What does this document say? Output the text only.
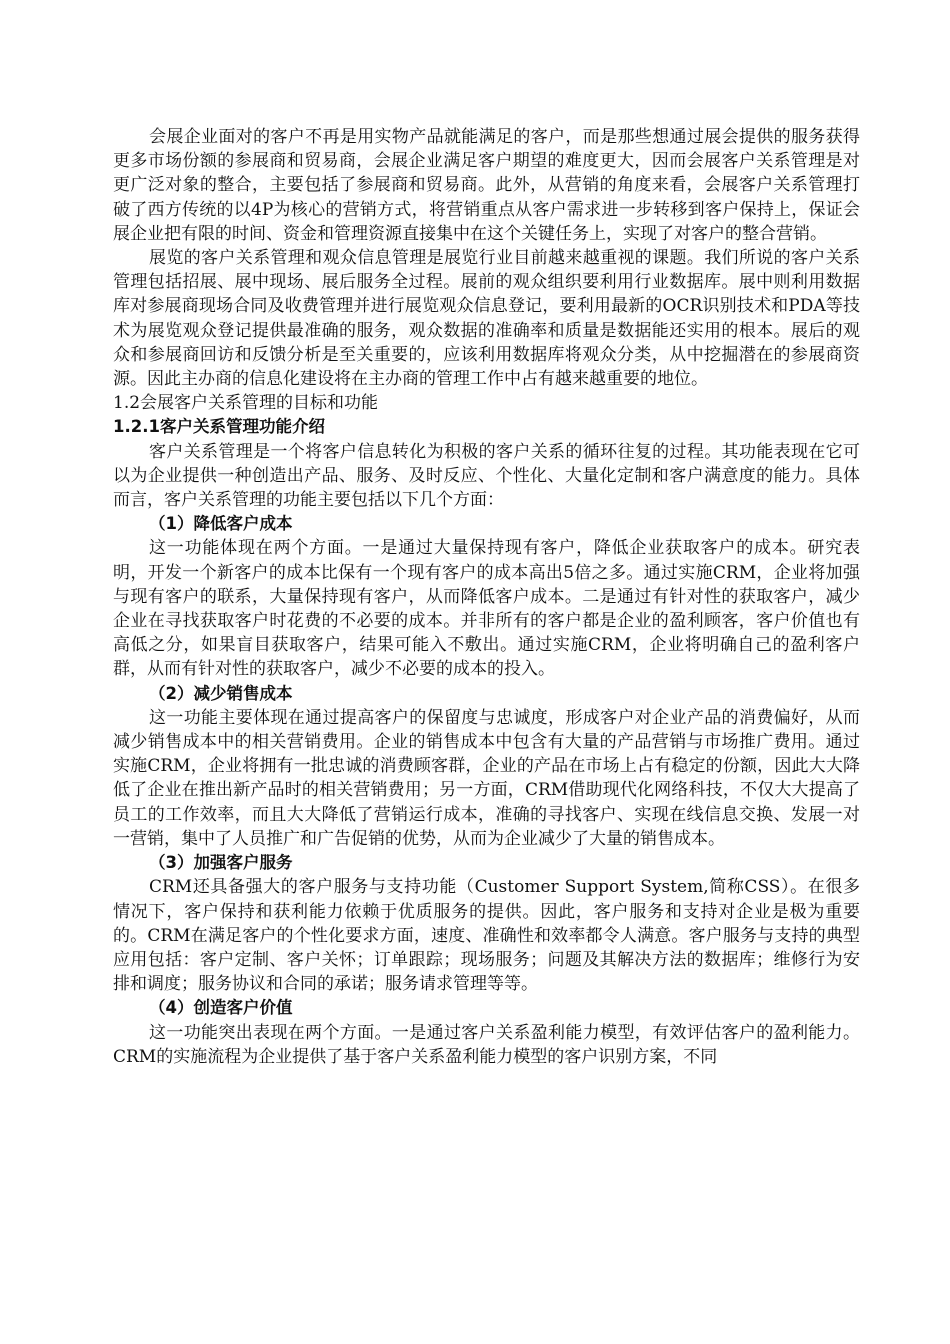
会展企业面对的客户不再是用实物产品就能满足的客户，而是那些想通过展会提供的服务获得更多市场份额的参展商和贸易商，会展企业满足客户期望的难度更大，因而会展客户关系管理是对更广泛对象的整合，主要包括了参展商和贸易商。此外，从营销的角度来看，会展客户关系管理打破了西方传统的以4P为核心的营销方式，将营销重点从客户需求进一步转移到客户保持上，保证会展企业把有限的时间、资金和管理资源直接集中在这个关键任务上，实现了对客户的整合营销。

展览的客户关系管理和观众信息管理是展览行业目前越来越重视的课题。我们所说的客户关系管理包括招展、展中现场、展后服务全过程。展前的观众组织要利用行业数据库。展中则利用数据库对参展商现场合同及收费管理并进行展览观众信息登记，要利用最新的OCR识别技术和PDA等技术为展览观众登记提供最准确的服务，观众数据的准确率和质量是数据能还实用的根本。展后的观众和参展商回访和反馈分析是至关重要的，应该利用数据库将观众分类，从中挖掘潜在的参展商资源。因此主办商的信息化建设将在主办商的管理工作中占有越来越重要的地位。

1.2会展客户关系管理的目标和功能

1.2.1客户关系管理功能介绍

客户关系管理是一个将客户信息转化为积极的客户关系的循环往复的过程。其功能表现在它可以为企业提供一种创造出产品、服务、及时反应、个性化、大量化定制和客户满意度的能力。具体而言，客户关系管理的功能主要包括以下几个方面：

（1）降低客户成本

这一功能体现在两个方面。一是通过大量保持现有客户，降低企业获取客户的成本。研究表明，开发一个新客户的成本比保有一个现有客户的成本高出5倍之多。通过实施CRM，企业将加强与现有客户的联系，大量保持现有客户，从而降低客户成本。二是通过有针对性的获取客户，减少企业在寻找获取客户时花费的不必要的成本。并非所有的客户都是企业的盈利顾客，客户价值也有高低之分，如果盲目获取客户，结果可能入不敷出。通过实施CRM，企业将明确自己的盈利客户群，从而有针对性的获取客户，减少不必要的成本的投入。

（2）减少销售成本

这一功能主要体现在通过提高客户的保留度与忠诚度，形成客户对企业产品的消费偏好，从而减少销售成本中的相关营销费用。企业的销售成本中包含有大量的产品营销与市场推广费用。通过实施CRM，企业将拥有一批忠诚的消费顾客群，企业的产品在市场上占有稳定的份额，因此大大降低了企业在推出新产品时的相关营销费用；另一方面，CRM借助现代化网络科技，不仅大大提高了员工的工作效率，而且大大降低了营销运行成本，准确的寻找客户、实现在线信息交换、发展一对一营销，集中了人员推广和广告促销的优势，从而为企业减少了大量的销售成本。

（3）加强客户服务

CRM还具备强大的客户服务与支持功能（Customer Support System,简称CSS）。在很多情况下，客户保持和获利能力依赖于优质服务的提供。因此，客户服务和支持对企业是极为重要的。CRM在满足客户的个性化要求方面，速度、准确性和效率都令人满意。客户服务与支持的典型应用包括：客户定制、客户关怀；订单跟踪；现场服务；问题及其解决方法的数据库；维修行为安排和调度；服务协议和合同的承诺；服务请求管理等等。

（4）创造客户价值

这一功能突出表现在两个方面。一是通过客户关系盈利能力模型，有效评估客户的盈利能力。CRM的实施流程为企业提供了基于客户关系盈利能力模型的客户识别方案，不同
